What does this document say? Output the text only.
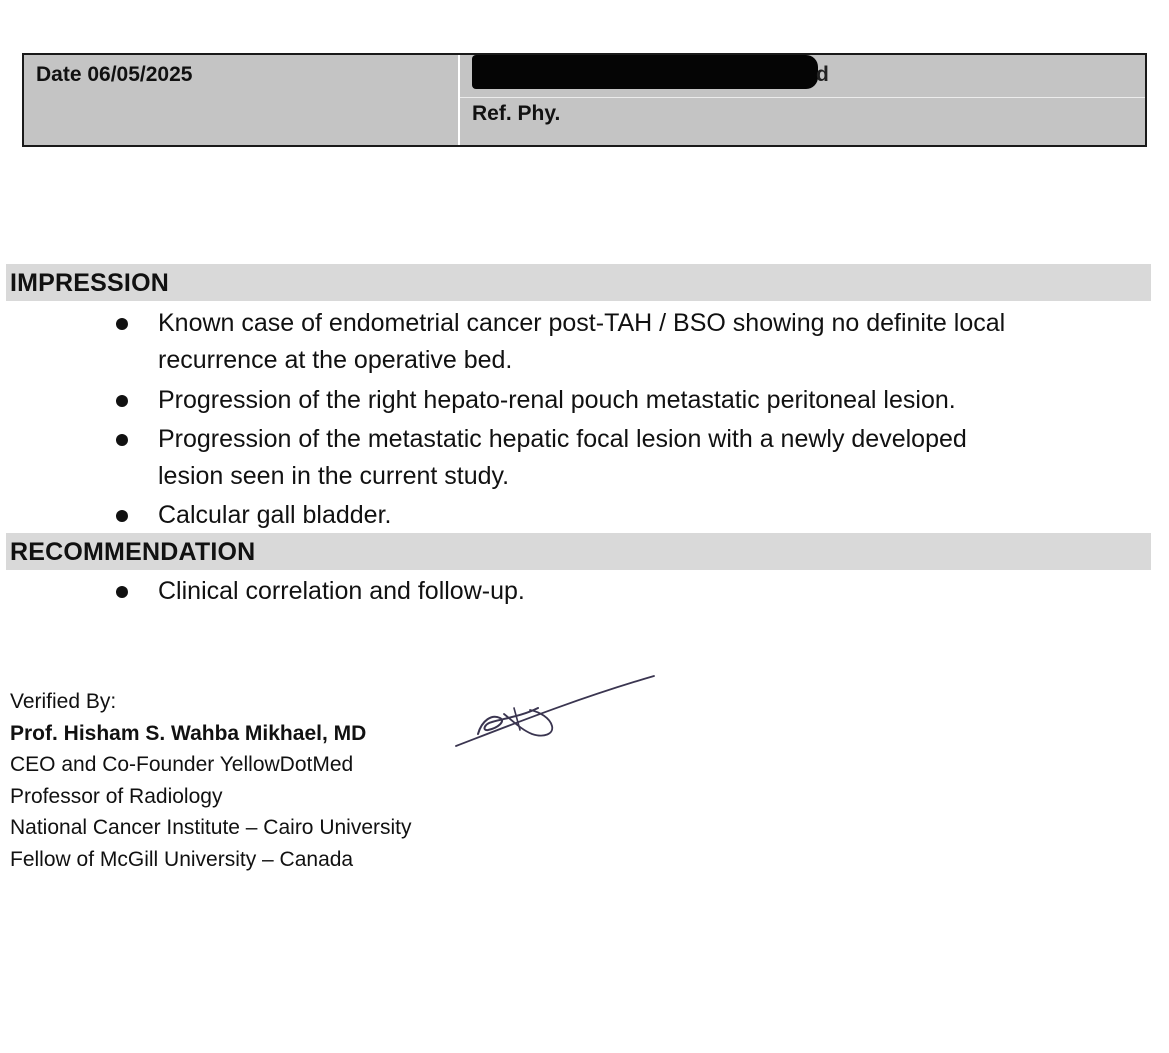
Date 06/05/2025	d
Ref. Phy.
IMPRESSION
Known case of endometrial cancer post-TAH / BSO showing no definite local
recurrence at the operative bed.
Progression of the right hepato-renal pouch metastatic peritoneal lesion.
Progression of the metastatic hepatic focal lesion with a newly developed
lesion seen in the current study.
Calcular gall bladder.
RECOMMENDATION
Clinical correlation and follow-up.
Verified By:
Prof. Hisham S. Wahba Mikhael, MD
CEO and Co-Founder YellowDotMed
Professor of Radiology
National Cancer Institute – Cairo University
Fellow of McGill University – Canada
